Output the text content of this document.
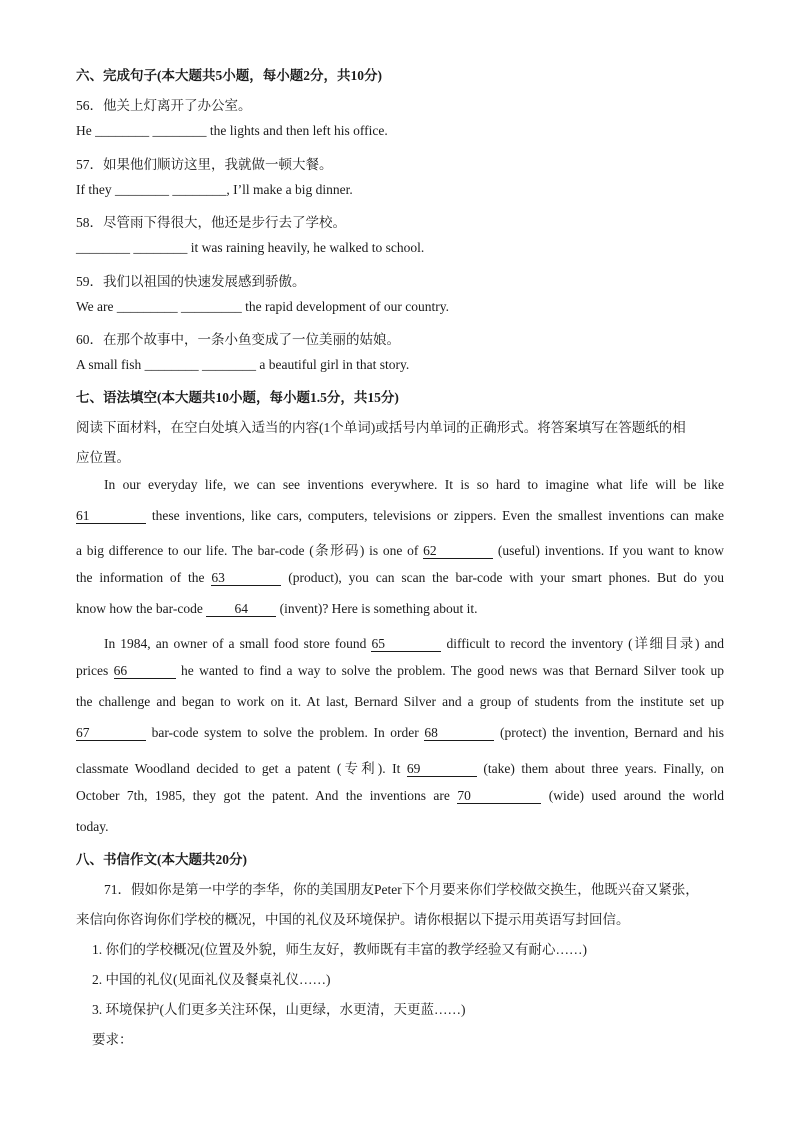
六、完成句子(本大题共5小题，每小题2分，共10分)
56．他关上灯离开了办公室。
He ________ ________ the lights and then left his office.
57．如果他们顺访这里，我就做一顿大餐。
If they ________ ________, I’ll make a big dinner.
58．尽管雨下得很大，他还是步行去了学校。
________ ________ it was raining heavily, he walked to school.
59．我们以祖国的快速发展感到骄傲。
We are _________ _________ the rapid development of our country.
60．在那个故事中，一条小鱼变成了一位美丽的姑娘。
A small fish ________ ________ a beautiful girl in that story.
七、语法填空(本大题共10小题，每小题1.5分，共15分)
阅读下面材料，在空白处填入适当的内容(1个单词)或括号内单词的正确形式。将答案填写在答题纸的相
应位置。
In our everyday life, we can see inventions everywhere. It is so hard to imagine what life will be like
61	these inventions, like cars, computers, televisions or zippers. Even the smallest inventions can make
a big difference to our life. The bar-code (条形码) is one of 62	(useful) inventions. If you want to know
the information of the 63	(product), you can scan the bar-code with your smart phones. But do you
know how the bar-code 64 (invent)? Here is something about it.
In 1984, an owner of a small food store found 65	difficult to record the inventory (详细目录) and
prices 66	he wanted to find a way to solve the problem. The good news was that Bernard Silver took up
the challenge and began to work on it. At last, Bernard Silver and a group of students from the institute set up
67	bar-code system to solve the problem. In order 68	(protect) the invention, Bernard and his
classmate Woodland decided to get a patent (专利). It 69	(take) them about three years. Finally, on
October 7th, 1985, they got the patent. And the inventions are 70	(wide) used around the world
today.
八、书信作文(本大题共20分)
71．假如你是第一中学的李华，你的美国朋友Peter下个月要来你们学校做交换生，他既兴奋又紧张，
来信向你咨询你们学校的概况，中国的礼仪及环境保护。请你根据以下提示用英语写封回信。
1. 你们的学校概况(位置及外貌，师生友好，教师既有丰富的教学经验又有耐心……)
2. 中国的礼仪(见面礼仪及餐桌礼仪……)
3. 环境保护(人们更多关注环保，山更绿，水更清，天更蓝……)
要求：
